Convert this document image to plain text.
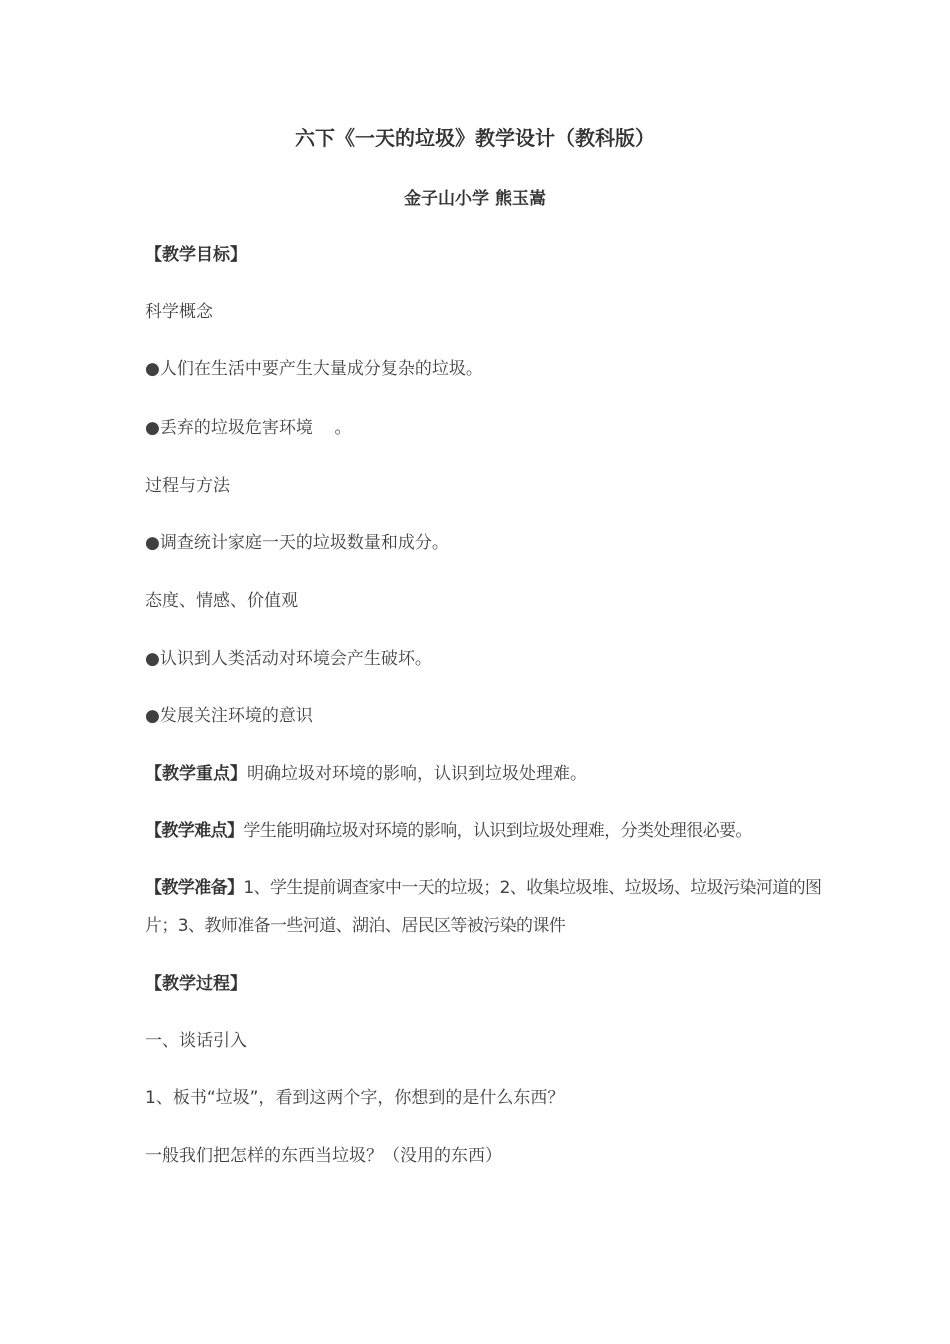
六下《一天的垃圾》教学设计（教科版）
金子山小学 熊玉嵩
【教学目标】
科学概念
●人们在生活中要产生大量成分复杂的垃圾。
●丢弃的垃圾危害环境    。
过程与方法
●调查统计家庭一天的垃圾数量和成分。
态度、情感、价值观
●认识到人类活动对环境会产生破坏。
●发展关注环境的意识
【教学重点】明确垃圾对环境的影响，认识到垃圾处理难。
【教学难点】学生能明确垃圾对环境的影响，认识到垃圾处理难，分类处理很必要。
【教学准备】1、学生提前调查家中一天的垃圾；2、收集垃圾堆、垃圾场、垃圾污染河道的图片；3、教师准备一些河道、湖泊、居民区等被污染的课件
【教学过程】
一、谈话引入
1、板书“垃圾”，看到这两个字，你想到的是什么东西？
一般我们把怎样的东西当垃圾？（没用的东西）
